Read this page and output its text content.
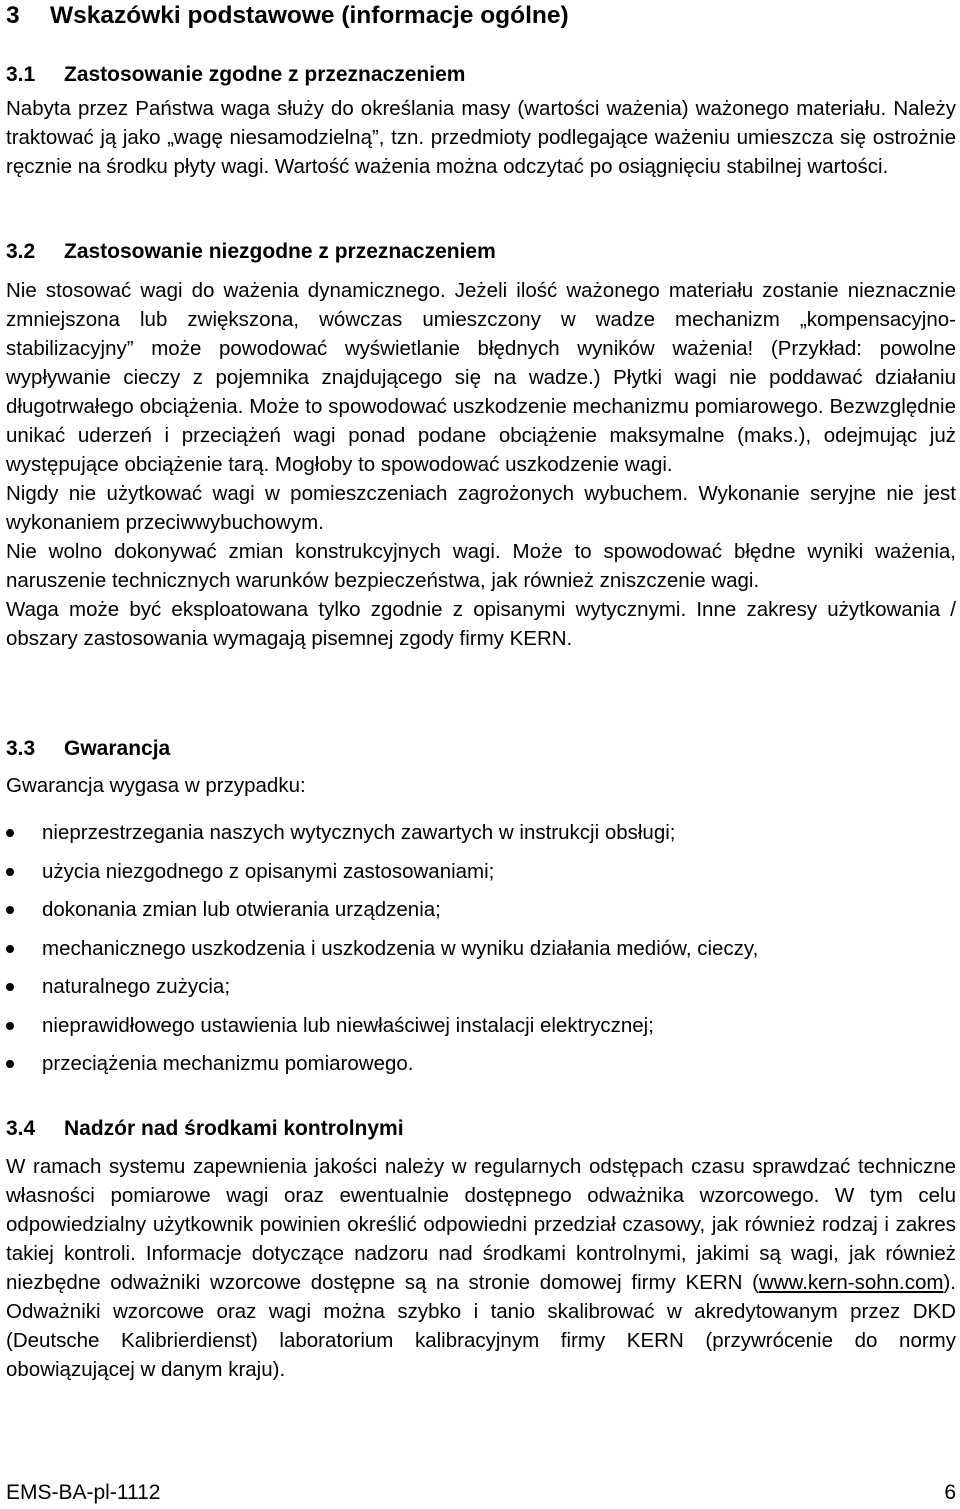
3 Wskazówki podstawowe (informacje ogólne)
3.1 Zastosowanie zgodne z przeznaczeniem

Nabyta przez Państwa waga służy do określania masy (wartości ważenia) ważonego materiału. Należy traktować ją jako „wagę niesamodzielną”, tzn. przedmioty podlegające ważeniu umieszcza się ostrożnie ręcznie na środku płyty wagi. Wartość ważenia można odczytać po osiągnięciu stabilnej wartości.

3.2 Zastosowanie niezgodne z przeznaczeniem

Nie stosować wagi do ważenia dynamicznego. Jeżeli ilość ważonego materiału zostanie nieznacznie zmniejszona lub zwiększona, wówczas umieszczony w wadze mechanizm „kompensacyjno-stabilizacyjny” może powodować wyświetlanie błędnych wyników ważenia! (Przykład: powolne wypływanie cieczy z pojemnika znajdującego się na wadze.) Płytki wagi nie poddawać działaniu długotrwałego obciążenia. Może to spowodować uszkodzenie mechanizmu pomiarowego. Bezwzględnie unikać uderzeń i przeciążeń wagi ponad podane obciążenie maksymalne (maks.), odejmując już występujące obciążenie tarą. Mogłoby to spowodować uszkodzenie wagi.

Nigdy nie użytkować wagi w pomieszczeniach zagrożonych wybuchem. Wykonanie seryjne nie jest wykonaniem przeciwwybuchowym.

Nie wolno dokonywać zmian konstrukcyjnych wagi. Może to spowodować błędne wyniki ważenia, naruszenie technicznych warunków bezpieczeństwa, jak również zniszczenie wagi.

Waga może być eksploatowana tylko zgodnie z opisanymi wytycznymi. Inne zakresy użytkowania / obszary zastosowania wymagają pisemnej zgody firmy KERN.

3.3 Gwarancja

Gwarancja wygasa w przypadku:

nieprzestrzegania naszych wytycznych zawartych w instrukcji obsługi;
użycia niezgodnego z opisanymi zastosowaniami;
dokonania zmian lub otwierania urządzenia;
mechanicznego uszkodzenia i uszkodzenia w wyniku działania mediów, cieczy,
naturalnego zużycia;
nieprawidłowego ustawienia lub niewłaściwej instalacji elektrycznej;
przeciążenia mechanizmu pomiarowego.
3.4 Nadzór nad środkami kontrolnymi

W ramach systemu zapewnienia jakości należy w regularnych odstępach czasu sprawdzać techniczne własności pomiarowe wagi oraz ewentualnie dostępnego odważnika wzorcowego. W tym celu odpowiedzialny użytkownik powinien określić odpowiedni przedział czasowy, jak również rodzaj i zakres takiej kontroli. Informacje dotyczące nadzoru nad środkami kontrolnymi, jakimi są wagi, jak również niezbędne odważniki wzorcowe dostępne są na stronie domowej firmy KERN (www.kern-sohn.com). Odważniki wzorcowe oraz wagi można szybko i tanio skalibrować w akredytowanym przez DKD (Deutsche Kalibrierdienst) laboratorium kalibracyjnym firmy KERN (przywrócenie do normy obowiązującej w danym kraju).

EMS-BA-pl-1112	6
